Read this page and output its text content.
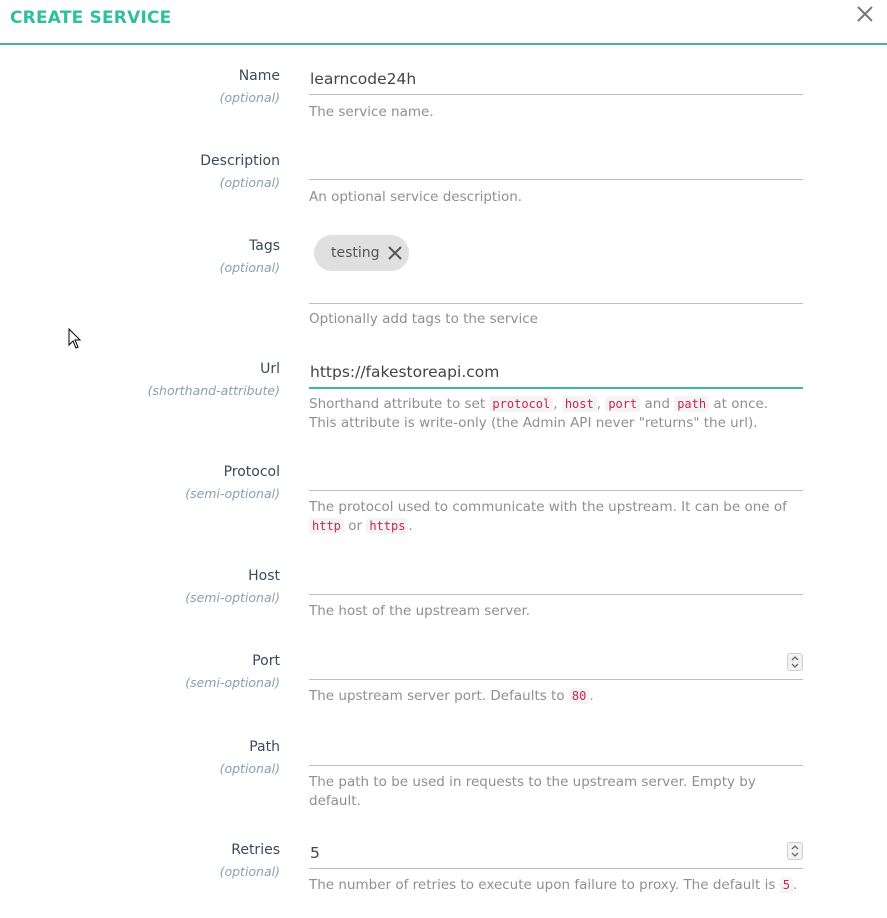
CREATE SERVICE
Name
(optional)
learncode24h
The service name.
Description
(optional)
An optional service description.
Tags
(optional)
testing
Optionally add tags to the service
Url
(shorthand-attribute)
https://fakestoreapi.com
Shorthand attribute to set protocol , host , port and path at once.
This attribute is write-only (the Admin API never "returns" the url).
Protocol
(semi-optional)
The protocol used to communicate with the upstream. It can be one of http or https .
Host
(semi-optional)
The host of the upstream server.
Port
(semi-optional)
The upstream server port. Defaults to 80 .
Path
(optional)
The path to be used in requests to the upstream server. Empty by default.
Retries
(optional)
5
The number of retries to execute upon failure to proxy. The default is 5 .
